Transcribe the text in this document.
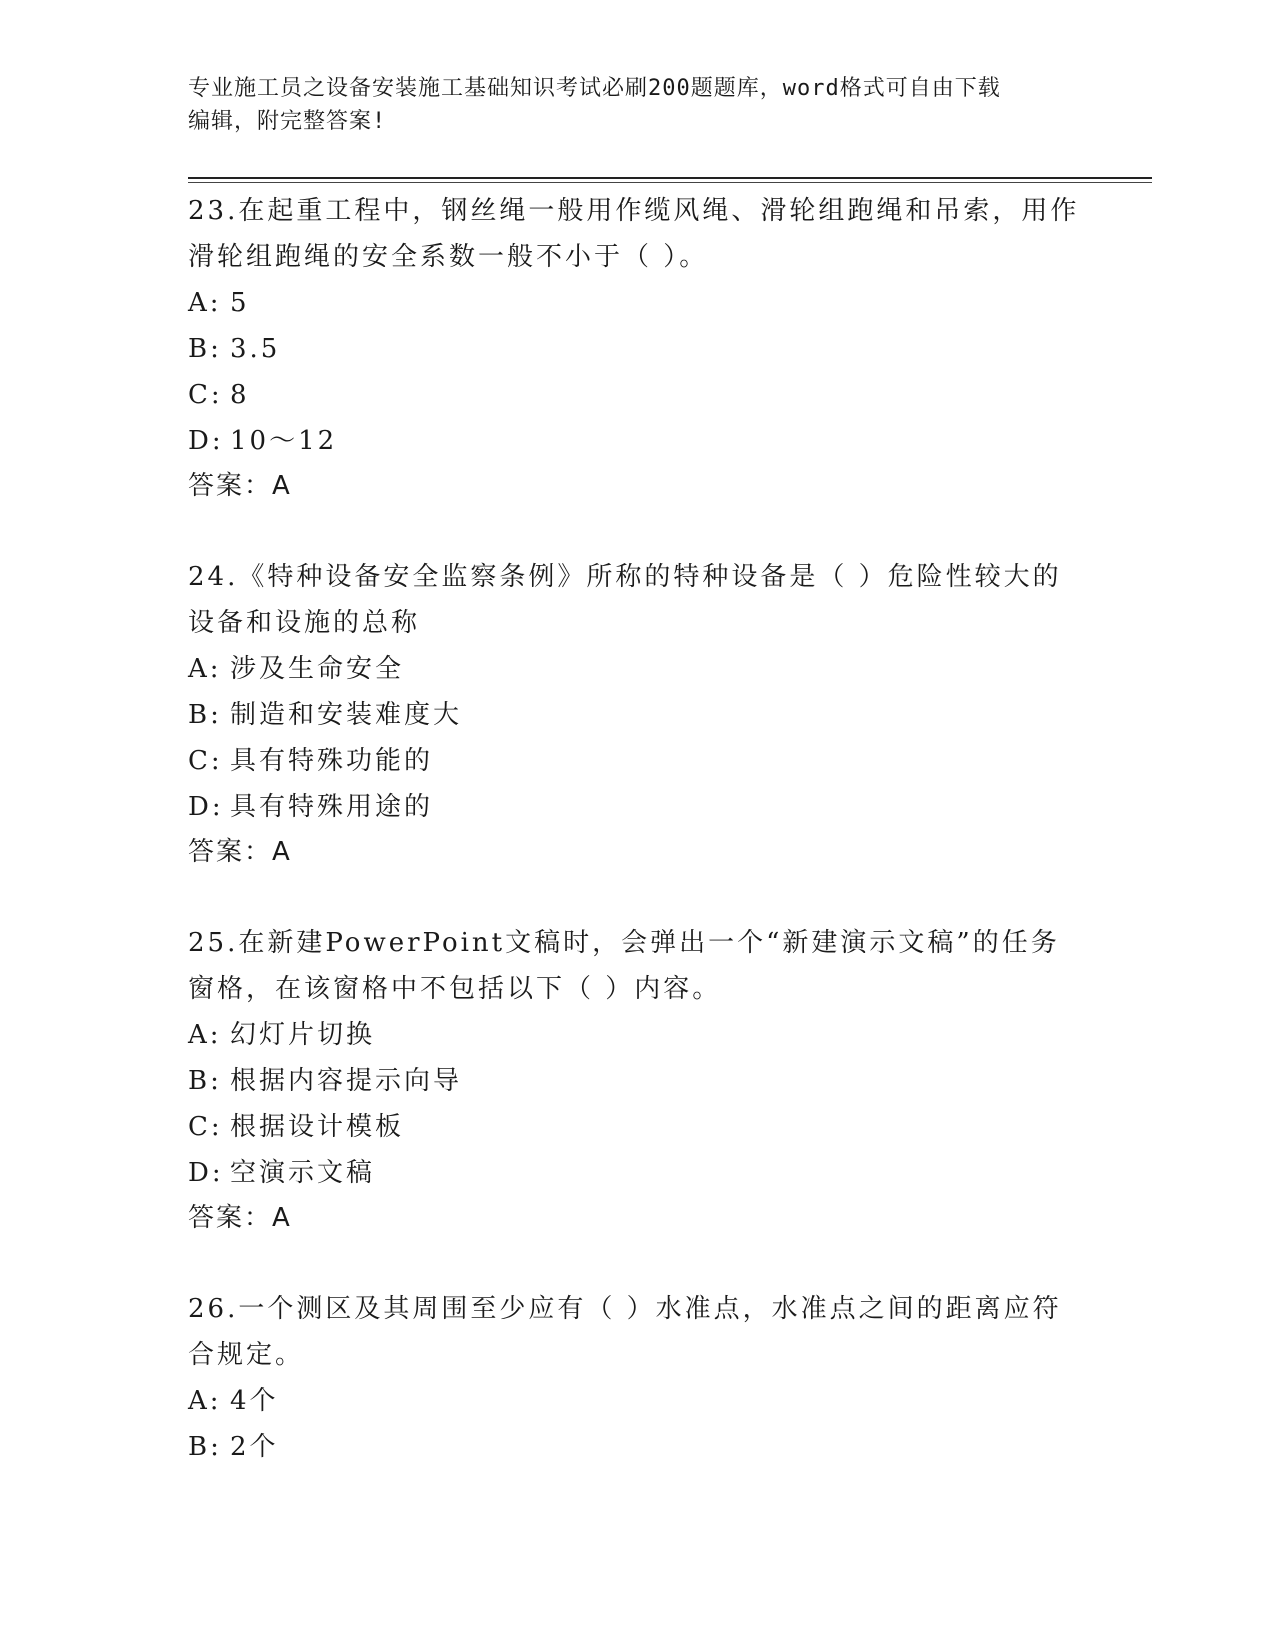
专业施工员之设备安装施工基础知识考试必刷200题题库，word格式可自由下载
编辑，附完整答案!
23.在起重工程中，钢丝绳一般用作缆风绳、滑轮组跑绳和吊索，用作滑轮组跑绳的安全系数一般不小于（ ）。
A: 5
B: 3.5
C: 8
D: 10～12
答案：A
24.《特种设备安全监察条例》所称的特种设备是（ ）危险性较大的设备和设施的总称
A: 涉及生命安全
B: 制造和安装难度大
C: 具有特殊功能的
D: 具有特殊用途的
答案：A
25.在新建PowerPoint文稿时，会弹出一个“新建演示文稿”的任务窗格，在该窗格中不包括以下（ ）内容。
A: 幻灯片切换
B: 根据内容提示向导
C: 根据设计模板
D: 空演示文稿
答案：A
26.一个测区及其周围至少应有（ ）水准点，水准点之间的距离应符合规定。
A: 4个
B: 2个
